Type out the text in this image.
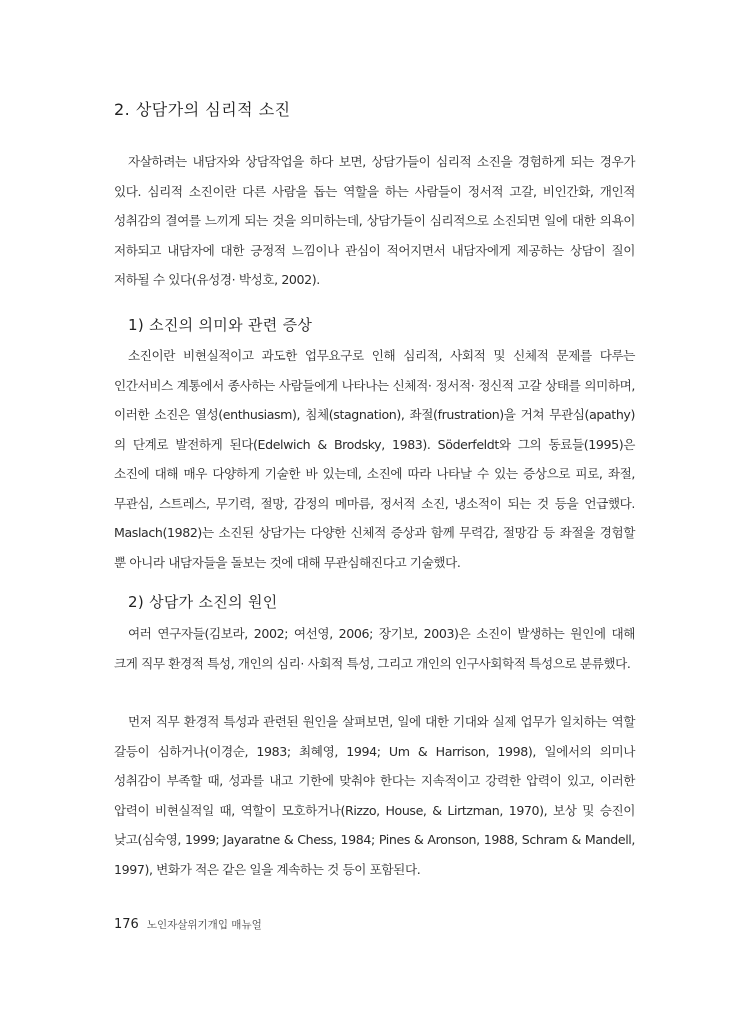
2. 상담가의 심리적 소진

자살하려는 내담자와 상담작업을 하다 보면, 상담가들이 심리적 소진을 경험하게 되는 경우가 있다. 심리적 소진이란 다른 사람을 돕는 역할을 하는 사람들이 정서적 고갈, 비인간화, 개인적 성취감의 결여를 느끼게 되는 것을 의미하는데, 상담가들이 심리적으로 소진되면 일에 대한 의욕이 저하되고 내담자에 대한 긍정적 느낌이나 관심이 적어지면서 내담자에게 제공하는 상담이 질이 저하될 수 있다(유성경· 박성호, 2002).

1) 소진의 의미와 관련 증상

소진이란 비현실적이고 과도한 업무요구로 인해 심리적, 사회적 및 신체적 문제를 다루는 인간서비스 계통에서 종사하는 사람들에게 나타나는 신체적· 정서적· 정신적 고갈 상태를 의미하며, 이러한 소진은 열성(enthusiasm), 침체(stagnation), 좌절(frustration)을 거쳐 무관심(apathy)의 단계로 발전하게 된다(Edelwich & Brodsky, 1983). Söderfeldt와 그의 동료들(1995)은 소진에 대해 매우 다양하게 기술한 바 있는데, 소진에 따라 나타날 수 있는 증상으로 피로, 좌절, 무관심, 스트레스, 무기력, 절망, 감정의 메마름, 정서적 소진, 냉소적이 되는 것 등을 언급했다. Maslach(1982)는 소진된 상담가는 다양한 신체적 증상과 함께 무력감, 절망감 등 좌절을 경험할 뿐 아니라 내담자들을 돌보는 것에 대해 무관심해진다고 기술했다.

2) 상담가 소진의 원인

여러 연구자들(김보라, 2002; 여선영, 2006; 장기보, 2003)은 소진이 발생하는 원인에 대해 크게 직무 환경적 특성, 개인의 심리· 사회적 특성, 그리고 개인의 인구사회학적 특성으로 분류했다.

먼저 직무 환경적 특성과 관련된 원인을 살펴보면, 일에 대한 기대와 실제 업무가 일치하는 역할 갈등이 심하거나(이경순, 1983; 최혜영, 1994; Um & Harrison, 1998), 일에서의 의미나 성취감이 부족할 때, 성과를 내고 기한에 맞춰야 한다는 지속적이고 강력한 압력이 있고, 이러한 압력이 비현실적일 때, 역할이 모호하거나(Rizzo, House, & Lirtzman, 1970), 보상 및 승진이 낮고(심숙영, 1999; Jayaratne & Chess, 1984; Pines & Aronson, 1988, Schram & Mandell, 1997), 변화가 적은 같은 일을 계속하는 것 등이 포함된다.

176 노인자살위기개입 매뉴얼
